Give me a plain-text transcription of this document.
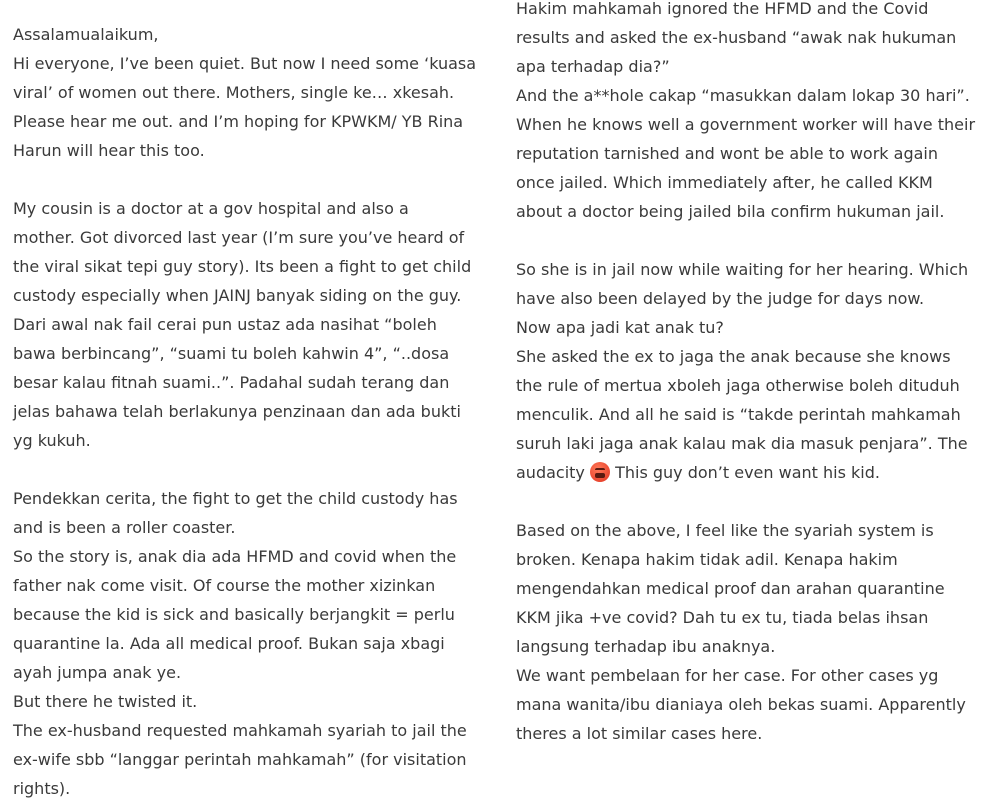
Assalamualaikum,
Hi everyone, I’ve been quiet. But now I need some ‘kuasa
viral’ of women out there. Mothers, single ke… xkesah.
Please hear me out. and I’m hoping for KPWKM/ YB Rina
Harun will hear this too.
My cousin is a doctor at a gov hospital and also a
mother. Got divorced last year (I’m sure you’ve heard of
the viral sikat tepi guy story). Its been a fight to get child
custody especially when JAINJ banyak siding on the guy.
Dari awal nak fail cerai pun ustaz ada nasihat “boleh
bawa berbincang”, “suami tu boleh kahwin 4”, “..dosa
besar kalau fitnah suami..”. Padahal sudah terang dan
jelas bahawa telah berlakunya penzinaan dan ada bukti
yg kukuh.
Pendekkan cerita, the fight to get the child custody has
and is been a roller coaster.
So the story is, anak dia ada HFMD and covid when the
father nak come visit. Of course the mother xizinkan
because the kid is sick and basically berjangkit = perlu
quarantine la. Ada all medical proof. Bukan saja xbagi
ayah jumpa anak ye.
But there he twisted it.
The ex-husband requested mahkamah syariah to jail the
ex-wife sbb “langgar perintah mahkamah” (for visitation
rights).
Hakim mahkamah ignored the HFMD and the Covid
results and asked the ex-husband “awak nak hukuman
apa terhadap dia?”
And the a**hole cakap “masukkan dalam lokap 30 hari”.
When he knows well a government worker will have their
reputation tarnished and wont be able to work again
once jailed. Which immediately after, he called KKM
about a doctor being jailed bila confirm hukuman jail.
So she is in jail now while waiting for her hearing. Which
have also been delayed by the judge for days now.
Now apa jadi kat anak tu?
She asked the ex to jaga the anak because she knows
the rule of mertua xboleh jaga otherwise boleh dituduh
menculik. And all he said is “takde perintah mahkamah
suruh laki jaga anak kalau mak dia masuk penjara”. The
audacity This guy don’t even want his kid.
Based on the above, I feel like the syariah system is
broken. Kenapa hakim tidak adil. Kenapa hakim
mengendahkan medical proof dan arahan quarantine
KKM jika +ve covid? Dah tu ex tu, tiada belas ihsan
langsung terhadap ibu anaknya.
We want pembelaan for her case. For other cases yg
mana wanita/ibu dianiaya oleh bekas suami. Apparently
theres a lot similar cases here.
